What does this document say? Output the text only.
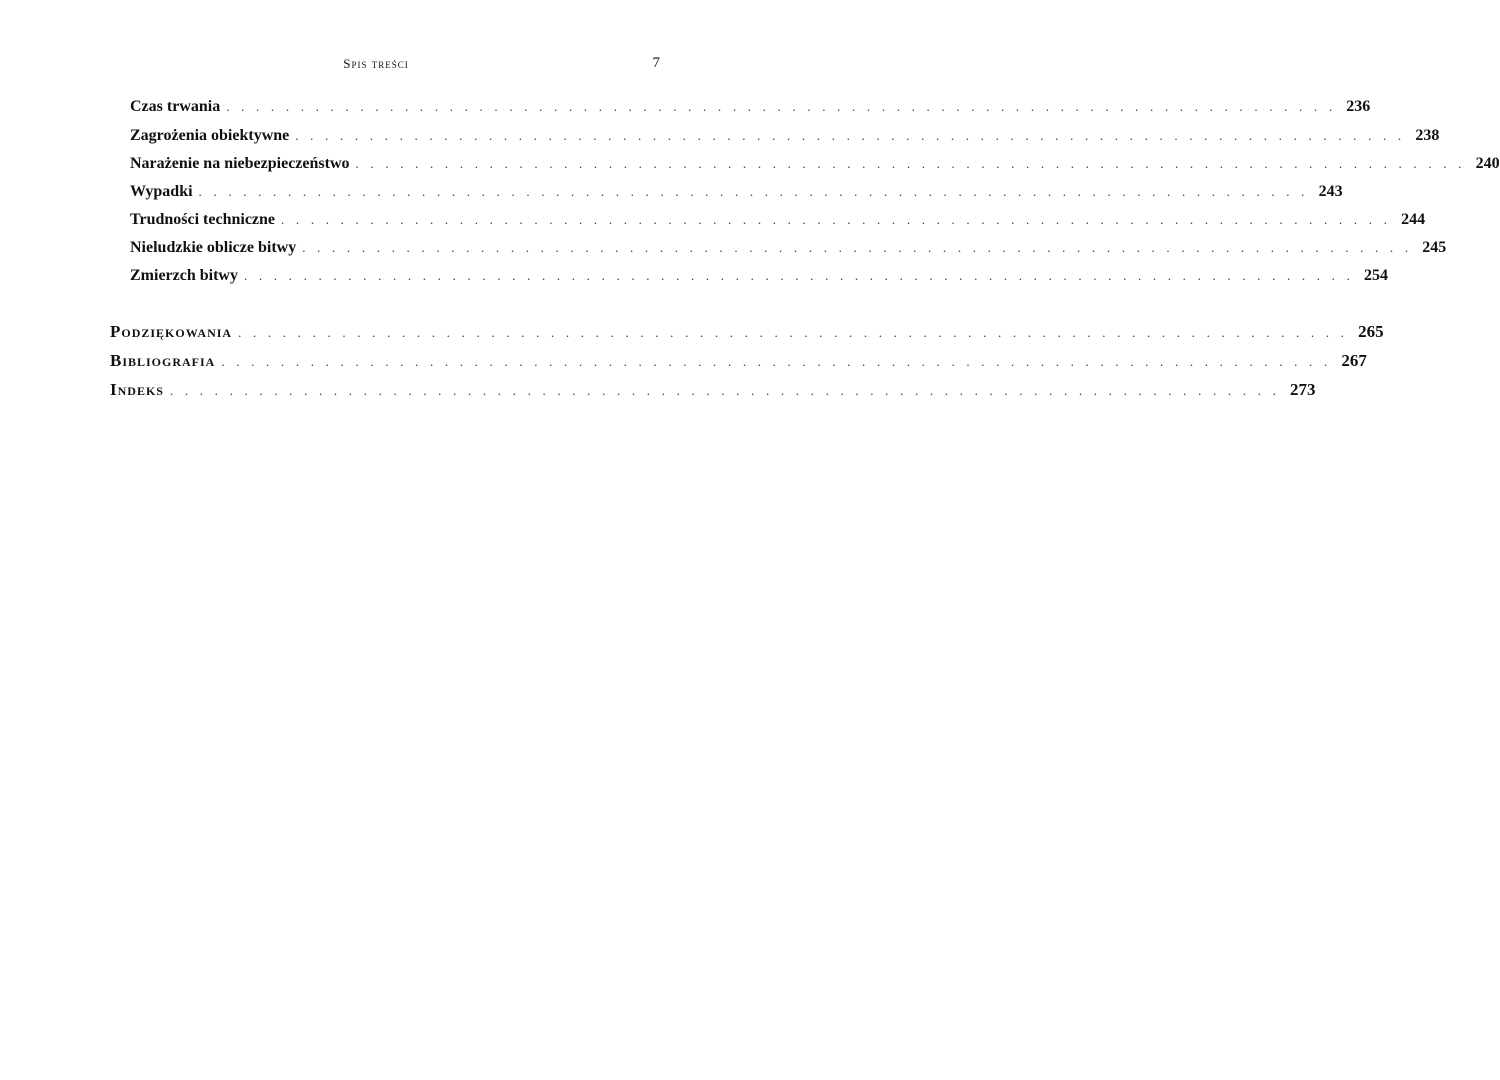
Spis treści	7
Czas trwania . . . . . . . . . . . . . . . . . . . . . . . . . . . . . . . . . . . . . . . . . . . . . . . . . . . . . . . . . . . . . . . . . . . . . . . . . . . 236
Zagrożenia obiektywne . . . . . . . . . . . . . . . . . . . . . . . . . . . . . . . . . . . . . . . . . . . . . . . . . . . . . . . . . . . . . . . . . . . . . . . . . . . 238
Narażenie na niebezpieczeństwo . . . . . . . . . . . . . . . . . . . . . . . . . . . . . . . . . . . . . . . . . . . . . . . . . . . . . . . . . . . . . . . . . . . . . . . . . . . 240
Wypadki . . . . . . . . . . . . . . . . . . . . . . . . . . . . . . . . . . . . . . . . . . . . . . . . . . . . . . . . . . . . . . . . . . . . . . . . . . . 243
Trudności techniczne . . . . . . . . . . . . . . . . . . . . . . . . . . . . . . . . . . . . . . . . . . . . . . . . . . . . . . . . . . . . . . . . . . . . . . . . . . . 244
Nieludzkie oblicze bitwy . . . . . . . . . . . . . . . . . . . . . . . . . . . . . . . . . . . . . . . . . . . . . . . . . . . . . . . . . . . . . . . . . . . . . . . . . . . 245
Zmierzch bitwy . . . . . . . . . . . . . . . . . . . . . . . . . . . . . . . . . . . . . . . . . . . . . . . . . . . . . . . . . . . . . . . . . . . . . . . . . . . 254
Podziękowania . . . . . . . . . . . . . . . . . . . . . . . . . . . . . . . . . . . . . . . . . . . . . . . . . . . . . . . . . . . . . . . . . . . . . . . . . . . 265
Bibliografia . . . . . . . . . . . . . . . . . . . . . . . . . . . . . . . . . . . . . . . . . . . . . . . . . . . . . . . . . . . . . . . . . . . . . . . . . . . 267
Indeks . . . . . . . . . . . . . . . . . . . . . . . . . . . . . . . . . . . . . . . . . . . . . . . . . . . . . . . . . . . . . . . . . . . . . . . . . . . 273
